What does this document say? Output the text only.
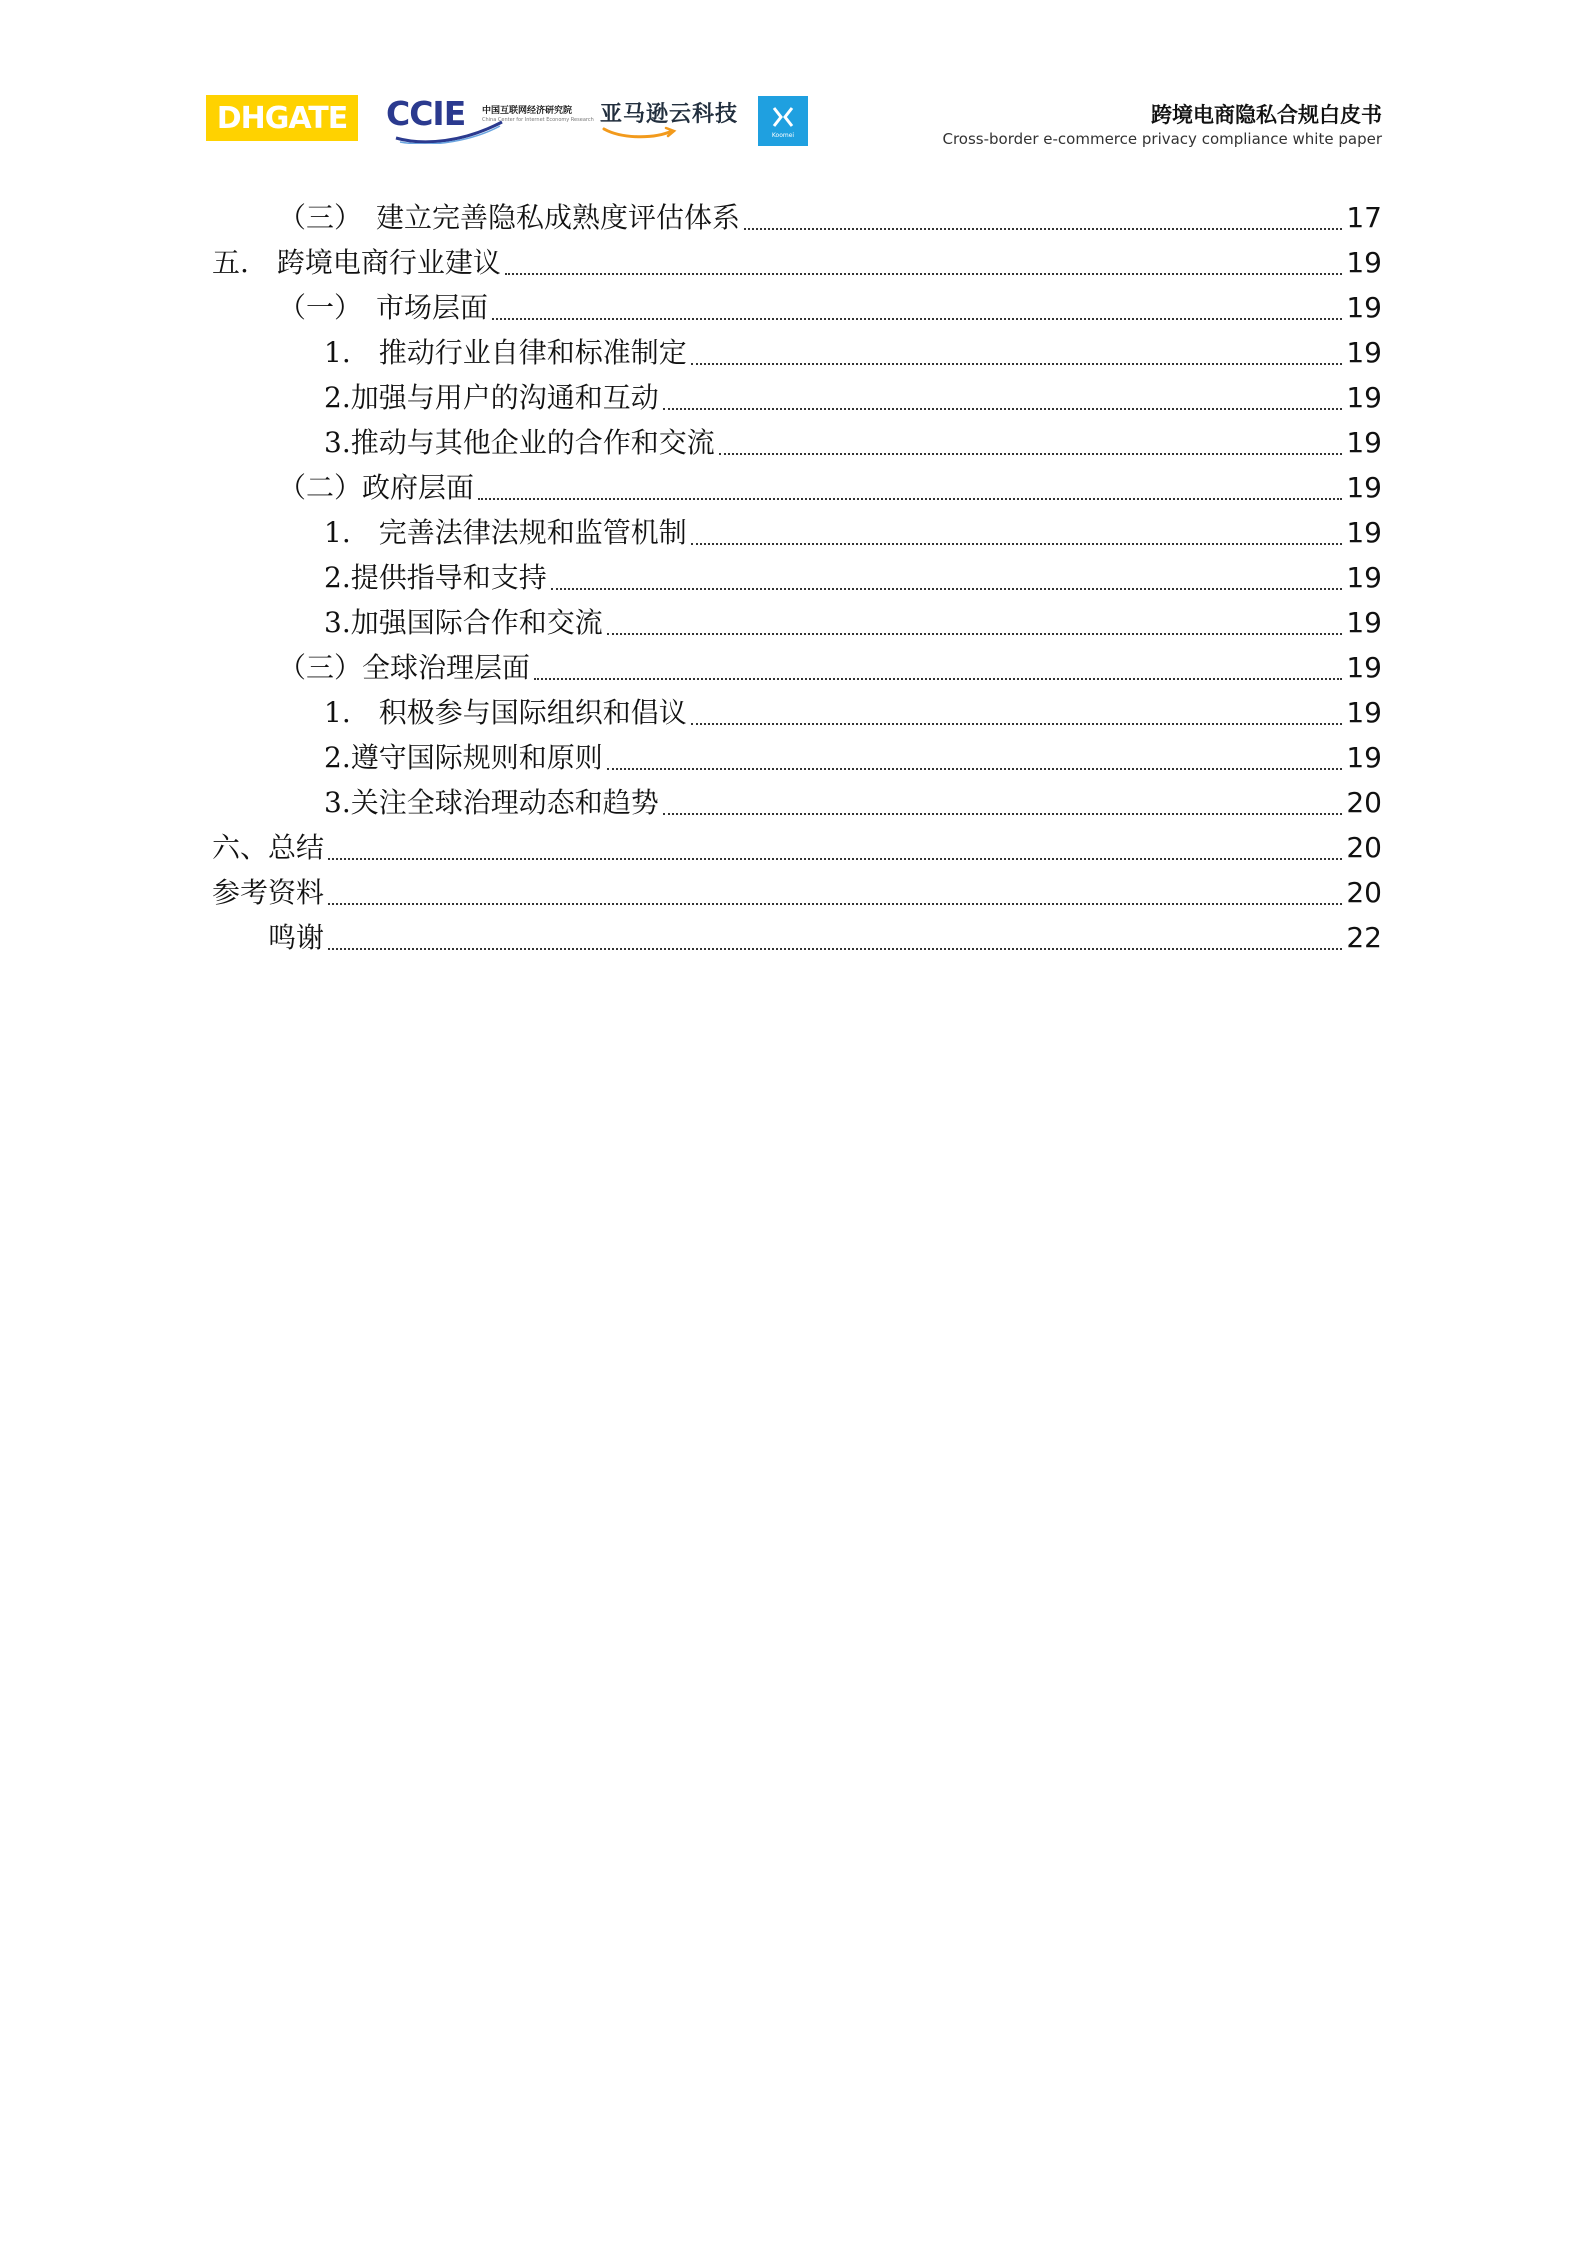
DHGATE CCIE 中国互联网经济研究院
China Center for Internet Economy Research 亚马逊云科技
Koomei
跨境电商隐私合规白皮书
Cross-border e-commerce privacy compliance white paper
（三）　建立完善隐私成熟度评估体系	17
五.　跨境电商行业建议	19
（一）　市场层面	19
1.　推动行业自律和标准制定	19
2.加强与用户的沟通和互动	19
3.推动与其他企业的合作和交流	19
（二）政府层面	19
1.　完善法律法规和监管机制	19
2.提供指导和支持	19
3.加强国际合作和交流	19
（三）全球治理层面	19
1.　积极参与国际组织和倡议	19
2.遵守国际规则和原则	19
3.关注全球治理动态和趋势	20
六、总结	20
参考资料	20
鸣谢	22
